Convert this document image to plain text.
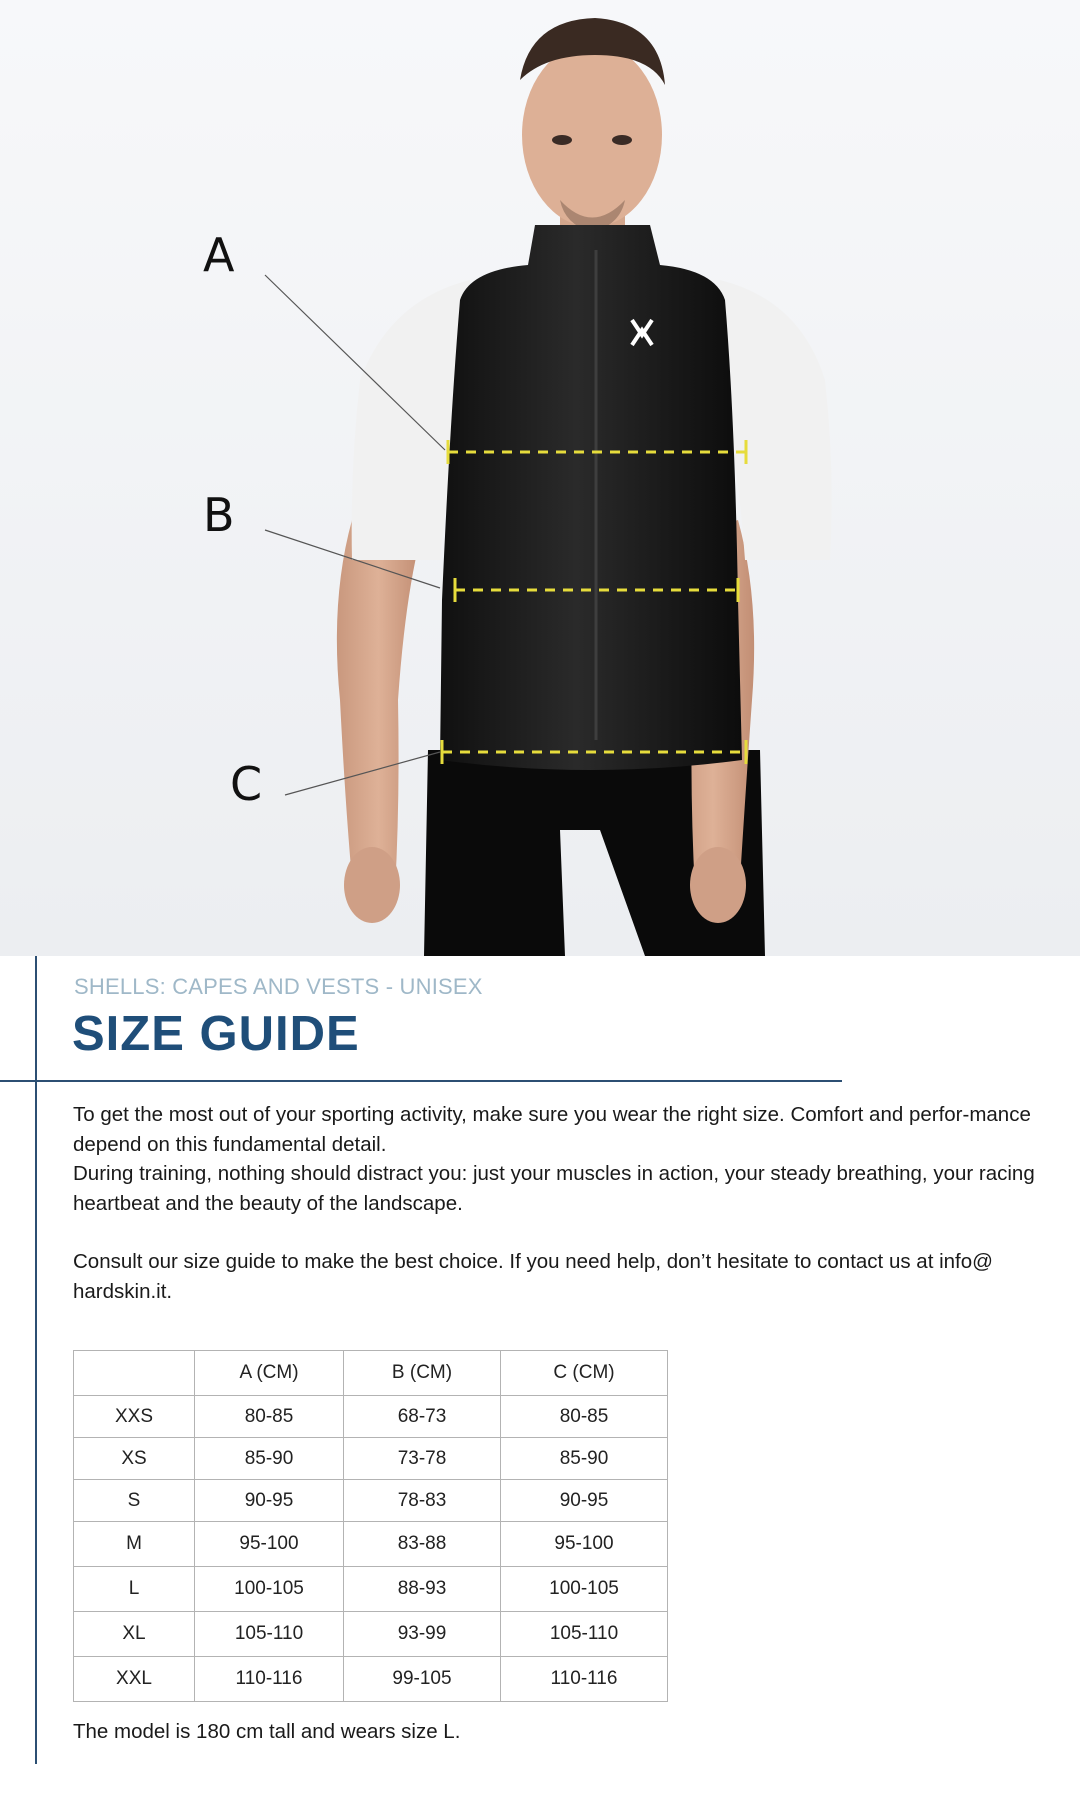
A
B
C
SHELLS: CAPES AND VESTS - UNISEX
SIZE GUIDE

To get the most out of your sporting activity, make sure you wear the right size. Comfort and perfor-mance depend on this fundamental detail.

During training, nothing should distract you: just your muscles in action, your steady breathing, your racing heartbeat and the beauty of the landscape.

Consult our size guide to make the best choice. If you need help, don’t hesitate to contact us at info@ hardskin.it.

	A (CM)	B (CM)	C (CM)
XXS	80-85	68-73	80-85
XS	85-90	73-78	85-90
S	90-95	78-83	90-95
M	95-100	83-88	95-100
L	100-105	88-93	100-105
XL	105-110	93-99	105-110
XXL	110-116	99-105	110-116
The model is 180 cm tall and wears size L.
